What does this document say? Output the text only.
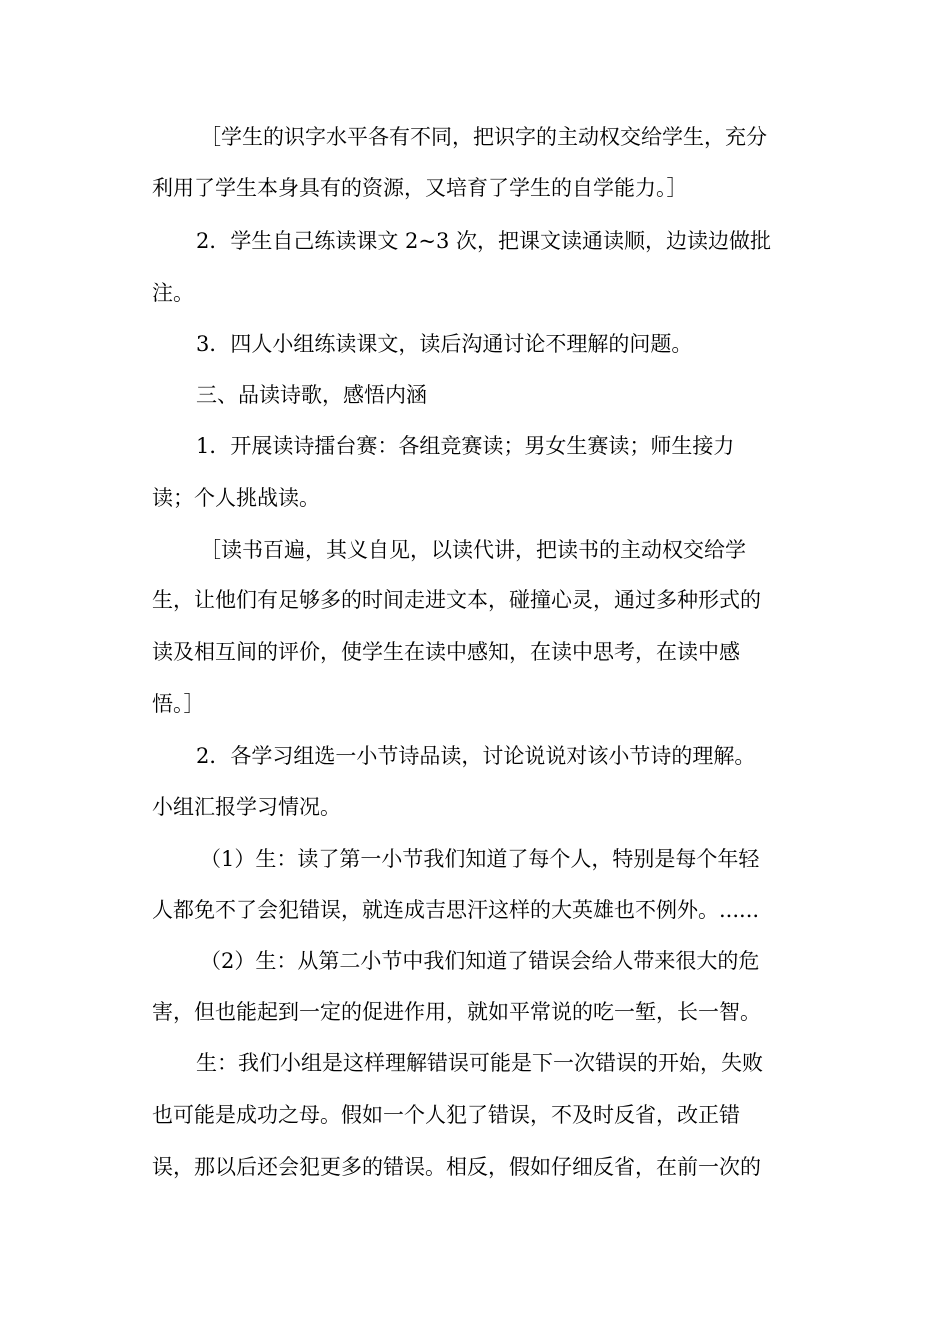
［学生的识字水平各有不同，把识字的主动权交给学生，充分
利用了学生本身具有的资源，又培育了学生的自学能力。］
2．学生自己练读课文 2~3 次，把课文读通读顺，边读边做批
注。
3．四人小组练读课文，读后沟通讨论不理解的问题。
三、品读诗歌，感悟内涵
1．开展读诗擂台赛：各组竞赛读；男女生赛读；师生接力
读；个人挑战读。
［读书百遍，其义自见，以读代讲，把读书的主动权交给学
生，让他们有足够多的时间走进文本，碰撞心灵，通过多种形式的
读及相互间的评价，使学生在读中感知，在读中思考，在读中感
悟。］
2．各学习组选一小节诗品读，讨论说说对该小节诗的理解。
小组汇报学习情况。
（1）生：读了第一小节我们知道了每个人，特别是每个年轻
人都免不了会犯错误，就连成吉思汗这样的大英雄也不例外。......
（2）生：从第二小节中我们知道了错误会给人带来很大的危
害，但也能起到一定的促进作用，就如平常说的吃一堑，长一智。
生：我们小组是这样理解错误可能是下一次错误的开始，失败
也可能是成功之母。假如一个人犯了错误，不及时反省，改正错
误，那以后还会犯更多的错误。相反，假如仔细反省，在前一次的
